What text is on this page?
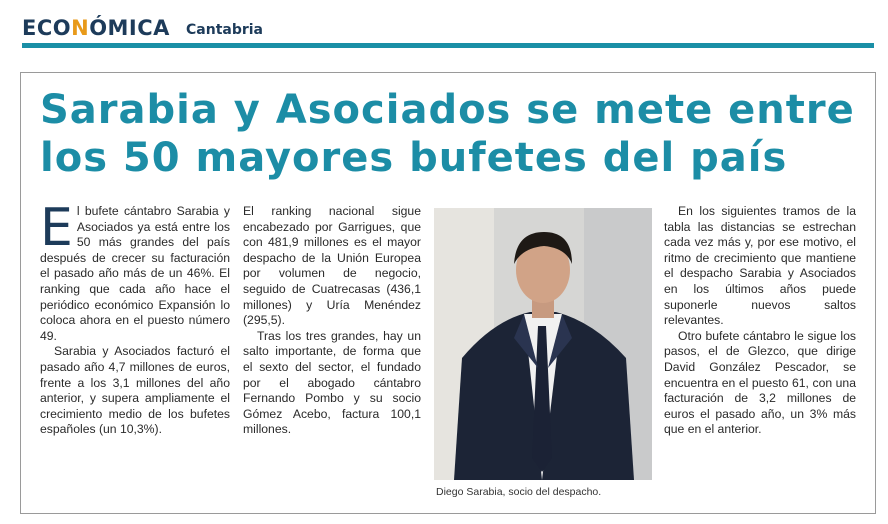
ECONÓMICA Cantabria
Sarabia y Asociados se mete entre los 50 mayores bufetes del país

El bufete cántabro Sarabia y Asociados ya está entre los 50 más grandes del país después de crecer su facturación el pasado año más de un 46%. El ranking que cada año hace el periódico económico Expansión lo coloca ahora en el puesto número 49.

Sarabia y Asociados facturó el pasado año 4,7 millones de euros, frente a los 3,1 millones del año anterior, y supera ampliamente el crecimiento medio de los bufetes españoles (un 10,3%).

El ranking nacional sigue encabezado por Garrigues, que con 481,9 millones es el mayor despacho de la Unión Europea por volumen de negocio, seguido de Cuatrecasas (436,1 millones) y Uría Menéndez (295,5).

Tras los tres grandes, hay un salto importante, de forma que el sexto del sector, el fundado por el abogado cántabro Fernando Pombo y su socio Gómez Acebo, factura 100,1 millones.

Diego Sarabia, socio del despacho.

En los siguientes tramos de la tabla las distancias se estrechan cada vez más y, por ese motivo, el ritmo de crecimiento que mantiene el despacho Sarabia y Asociados en los últimos años puede suponerle nuevos saltos relevantes.

Otro bufete cántabro le sigue los pasos, el de Glezco, que dirige David González Pescador, se encuentra en el puesto 61, con una facturación de 3,2 millones de euros el pasado año, un 3% más que en el anterior.
